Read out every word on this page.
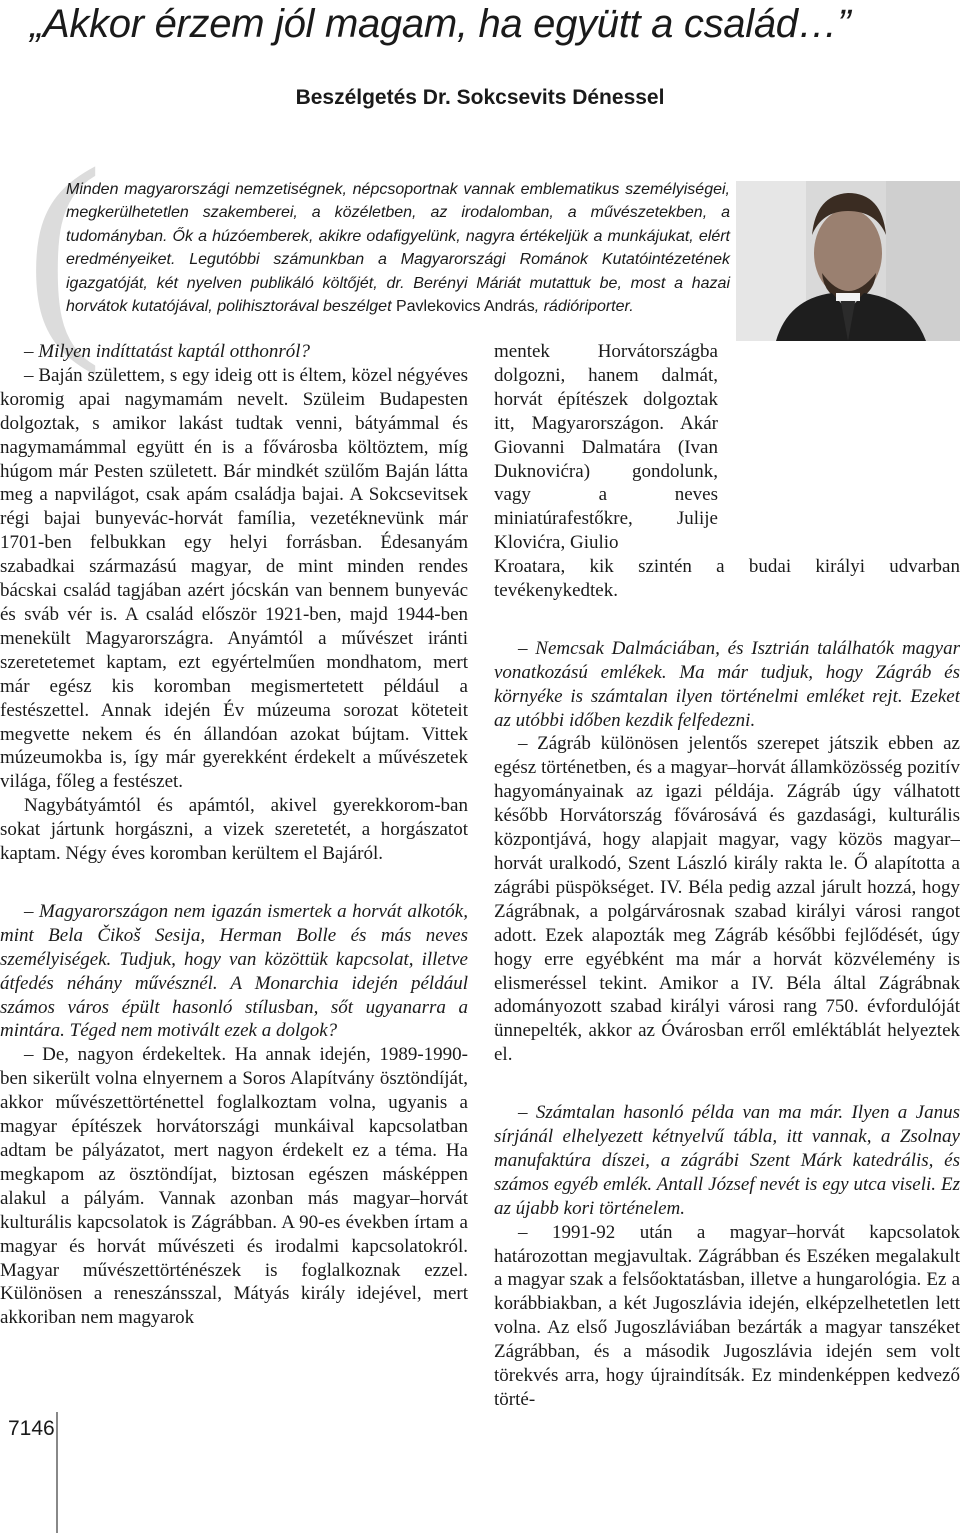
„Akkor érzem jól magam, ha együtt a család…”
Beszélgetés Dr. Sokcsevits Dénessel
(
Minden magyarországi nemzetiségnek, népcsoportnak vannak emblematikus személyiségei, megkerülhetetlen szakemberei, a közéletben, az irodalomban, a művészetekben, a tudományban. Ők a húzóemberek, akikre odafigyelünk, nagyra értékeljük a munkájukat, elért eredményeiket. Legutóbbi számunkban a Magyarországi Románok Kutatóintézetének igazgatóját, két nyelven publikáló költőjét, dr. Berényi Máriát mutattuk be, most a hazai horvátok kutatójával, polihisztorával beszélget Pavlekovics András, rádióriporter.

– Milyen indíttatást kaptál otthonról?

– Baján születtem, s egy ideig ott is éltem, közel négyéves koromig apai nagymamám nevelt. Szüleim Budapesten dolgoztak, s amikor lakást tudtak venni, bátyámmal és nagymamámmal együtt én is a fővárosba költöztem, míg húgom már Pesten született. Bár mindkét szülőm Baján látta meg a napvilágot, csak apám családja bajai. A Sokcsevitsek régi bajai bunyevác-horvát família, vezetéknevünk már 1701-ben felbukkan egy helyi forrásban. Édesanyám szabadkai származású magyar, de mint minden rendes bácskai család tagjában azért jócskán van bennem bunyevác és sváb vér is. A család először 1921-ben, majd 1944-ben menekült Magyarországra. Anyámtól a művészet iránti szeretetemet kaptam, ezt egyértelműen mondhatom, mert már egész kis koromban megismertetett például a festészettel. Annak idején Év múzeuma sorozat köteteit megvette nekem és én állandóan azokat bújtam. Vittek múzeumokba is, így már gyerekként érdekelt a művészetek világa, főleg a festészet.

Nagybátyámtól és apámtól, akivel gyerekkorom-ban sokat jártunk horgászni, a vizek szeretetét, a horgászatot kaptam. Négy éves koromban kerültem el Bajáról.

– Magyarországon nem igazán ismertek a horvát alkotók, mint Bela Čikoš Sesija, Herman Bolle és más neves személyiségek. Tudjuk, hogy van közöttük kapcsolat, illetve átfedés néhány művésznél. A Monarchia idején például számos város épült hasonló stílusban, sőt ugyanarra a mintára. Téged nem motivált ezek a dolgok?

– De, nagyon érdekeltek. Ha annak idején, 1989-1990-ben sikerült volna elnyernem a Soros Alapítvány ösztöndíját, akkor művészettörténettel foglalkoztam volna, ugyanis a magyar építészek horvátországi munkáival kapcsolatban adtam be pályázatot, mert nagyon érdekelt ez a téma. Ha megkapom az ösztöndíjat, biztosan egészen másképpen alakul a pályám. Vannak azonban más magyar–horvát kulturális kapcsolatok is Zágrábban. A 90-es években írtam a magyar és horvát művészeti és irodalmi kapcsolatokról. Magyar művészettörténészek is foglalkoznak ezzel. Különösen a reneszánsszal, Mátyás király idejével, mert akkoriban nem magyarok

mentek Horvátországba dolgozni, hanem dalmát, horvát építészek dolgoztak itt, Magyarországon. Akár Giovanni Dalmatára (Ivan Duknovićra) gondolunk, vagy a neves miniatúrafestőkre, Julije Klovićra, Giulio

Kroatara, kik szintén a budai királyi udvarban tevékenykedtek.

– Nemcsak Dalmáciában, és Isztrián találhatók magyar vonatkozású emlékek. Ma már tudjuk, hogy Zágráb és környéke is számtalan ilyen történelmi emléket rejt. Ezeket az utóbbi időben kezdik felfedezni.

– Zágráb különösen jelentős szerepet játszik ebben az egész történetben, és a magyar–horvát államközösség pozitív hagyományainak az igazi példája. Zágráb úgy válhatott később Horvátország fővárosává és gazdasági, kulturális központjává, hogy alapjait magyar, vagy közös magyar–horvát uralkodó, Szent László király rakta le. Ő alapította a zágrábi püspökséget. IV. Béla pedig azzal járult hozzá, hogy Zágrábnak, a polgárvárosnak szabad királyi városi rangot adott. Ezek alapozták meg Zágráb későbbi fejlődését, úgy hogy erre egyébként ma már a horvát közvélemény is elismeréssel tekint. Amikor a IV. Béla által Zágrábnak adományozott szabad királyi városi rang 750. évfordulóját ünnepelték, akkor az Óvárosban erről emléktáblát helyeztek el.

– Számtalan hasonló példa van ma már. Ilyen a Janus sírjánál elhelyezett kétnyelvű tábla, itt vannak, a Zsolnay manufaktúra díszei, a zágrábi Szent Márk katedrális, és számos egyéb emlék. Antall József nevét is egy utca viseli. Ez az újabb kori történelem.

– 1991-92 után a magyar–horvát kapcsolatok határozottan megjavultak. Zágrábban és Eszéken megalakult a magyar szak a felsőoktatásban, illetve a hungarológia. Ez a korábbiakban, a két Jugoszlávia idején, elképzelhetetlen lett volna. Az első Jugoszláviában bezárták a magyar tanszéket Zágrábban, és a második Jugoszlávia idején sem volt törekvés arra, hogy újraindítsák. Ez mindenképpen kedvező törté-

7146
